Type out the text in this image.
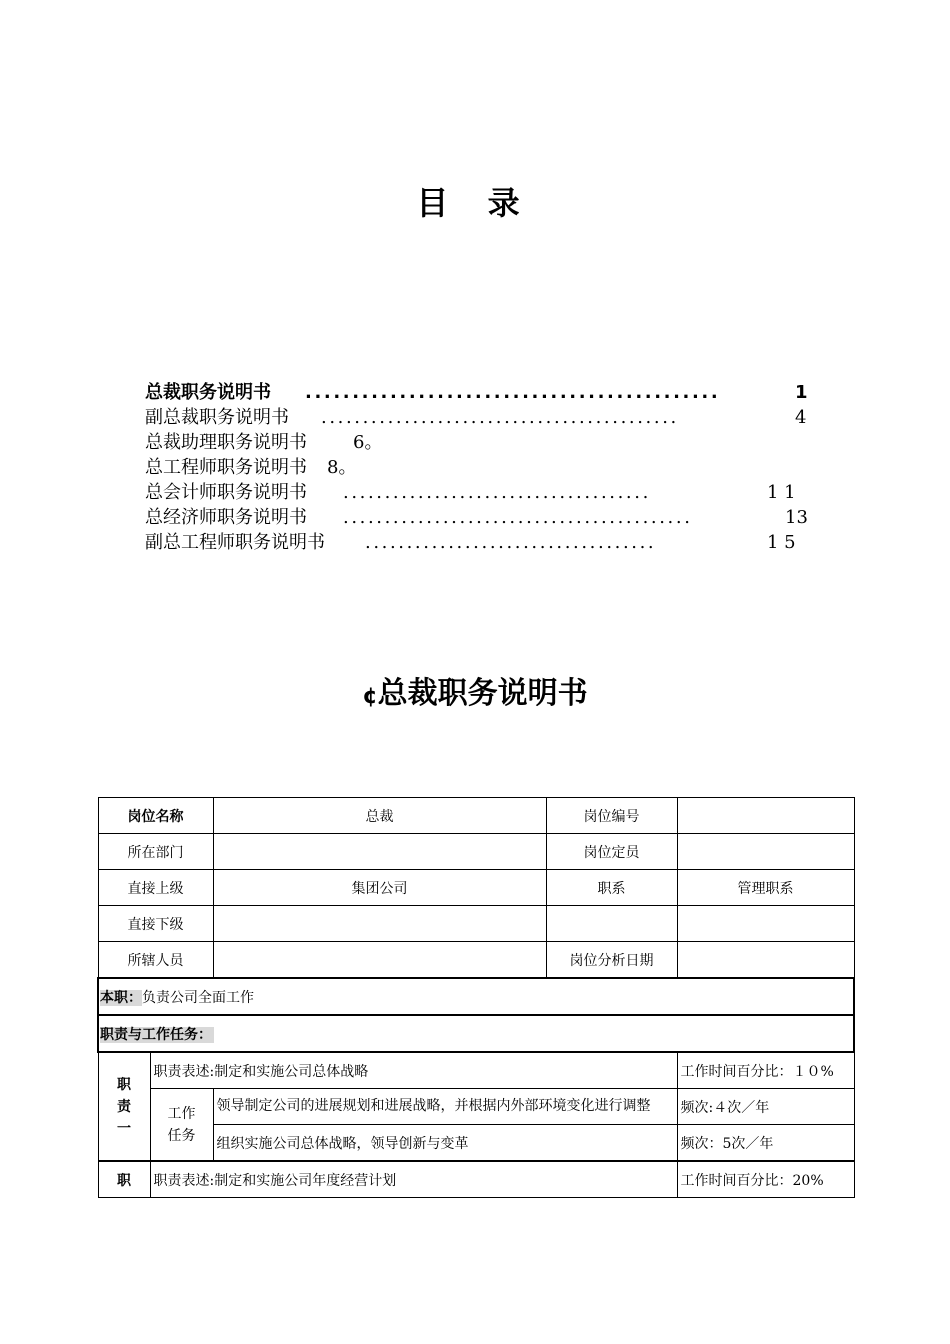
目 录
总裁职务说明书 ............................................	1
副总裁职务说明书 ...........................................	4
总裁助理职务说明书	6。
总工程师职务说明书 8。
总会计师职务说明书 .....................................	1 1
总经济师职务说明书 ..........................................	13
副总工程师职务说明书 ...................................	1 5
¢总裁职务说明书
岗位名称		总裁	岗位编号	
所在部门			岗位定员	
直接上级		集团公司	职系	管理职系
直接下级				
所辖人员			岗位分析日期	
本职：负责公司全面工作				
职责与工作任务：				
职
责
一	职责表述:制定和实施公司总体战略			工作时间百分比：１０%
	工作
任务	领导制定公司的进展规划和进展战略，并根据内外部环境变化进行调整		频次:４次／年
		组织实施公司总体战略，领导创新与变革		频次：5次／年
职	职责表述:制定和实施公司年度经营计划			工作时间百分比：20%
